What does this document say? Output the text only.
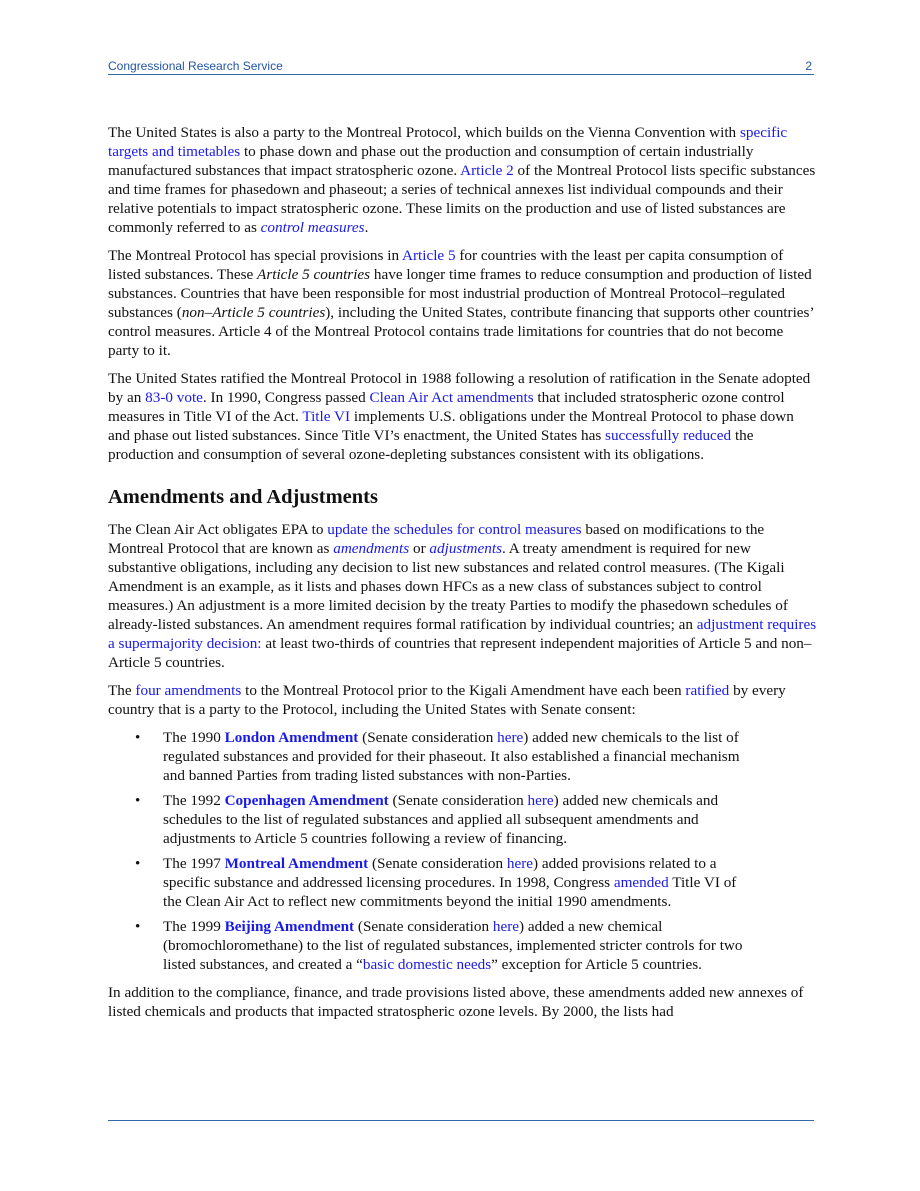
Congressional Research Service	2

The United States is also a party to the Montreal Protocol, which builds on the Vienna Convention with specific targets and timetables to phase down and phase out the production and consumption of certain industrially manufactured substances that impact stratospheric ozone. Article 2 of the Montreal Protocol lists specific substances and time frames for phasedown and phaseout; a series of technical annexes list individual compounds and their relative potentials to impact stratospheric ozone. These limits on the production and use of listed substances are commonly referred to as control measures.

The Montreal Protocol has special provisions in Article 5 for countries with the least per capita consumption of listed substances. These Article 5 countries have longer time frames to reduce consumption and production of listed substances. Countries that have been responsible for most industrial production of Montreal Protocol–regulated substances (non–Article 5 countries), including the United States, contribute financing that supports other countries’ control measures. Article 4 of the Montreal Protocol contains trade limitations for countries that do not become party to it.

The United States ratified the Montreal Protocol in 1988 following a resolution of ratification in the Senate adopted by an 83-0 vote. In 1990, Congress passed Clean Air Act amendments that included stratospheric ozone control measures in Title VI of the Act. Title VI implements U.S. obligations under the Montreal Protocol to phase down and phase out listed substances. Since Title VI’s enactment, the United States has successfully reduced the production and consumption of several ozone-depleting substances consistent with its obligations.

Amendments and Adjustments

The Clean Air Act obligates EPA to update the schedules for control measures based on modifications to the Montreal Protocol that are known as amendments or adjustments. A treaty amendment is required for new substantive obligations, including any decision to list new substances and related control measures. (The Kigali Amendment is an example, as it lists and phases down HFCs as a new class of substances subject to control measures.) An adjustment is a more limited decision by the treaty Parties to modify the phasedown schedules of already-listed substances. An amendment requires formal ratification by individual countries; an adjustment requires a supermajority decision: at least two-thirds of countries that represent independent majorities of Article 5 and non–Article 5 countries.

The four amendments to the Montreal Protocol prior to the Kigali Amendment have each been ratified by every country that is a party to the Protocol, including the United States with Senate consent:

• The 1990 London Amendment (Senate consideration here) added new chemicals to the list of regulated substances and provided for their phaseout. It also established a financial mechanism and banned Parties from trading listed substances with non-Parties.
• The 1992 Copenhagen Amendment (Senate consideration here) added new chemicals and schedules to the list of regulated substances and applied all subsequent amendments and adjustments to Article 5 countries following a review of financing.
• The 1997 Montreal Amendment (Senate consideration here) added provisions related to a specific substance and addressed licensing procedures. In 1998, Congress amended Title VI of the Clean Air Act to reflect new commitments beyond the initial 1990 amendments.
• The 1999 Beijing Amendment (Senate consideration here) added a new chemical (bromochloromethane) to the list of regulated substances, implemented stricter controls for two listed substances, and created a “basic domestic needs” exception for Article 5 countries.

In addition to the compliance, finance, and trade provisions listed above, these amendments added new annexes of listed chemicals and products that impacted stratospheric ozone levels. By 2000, the lists had
